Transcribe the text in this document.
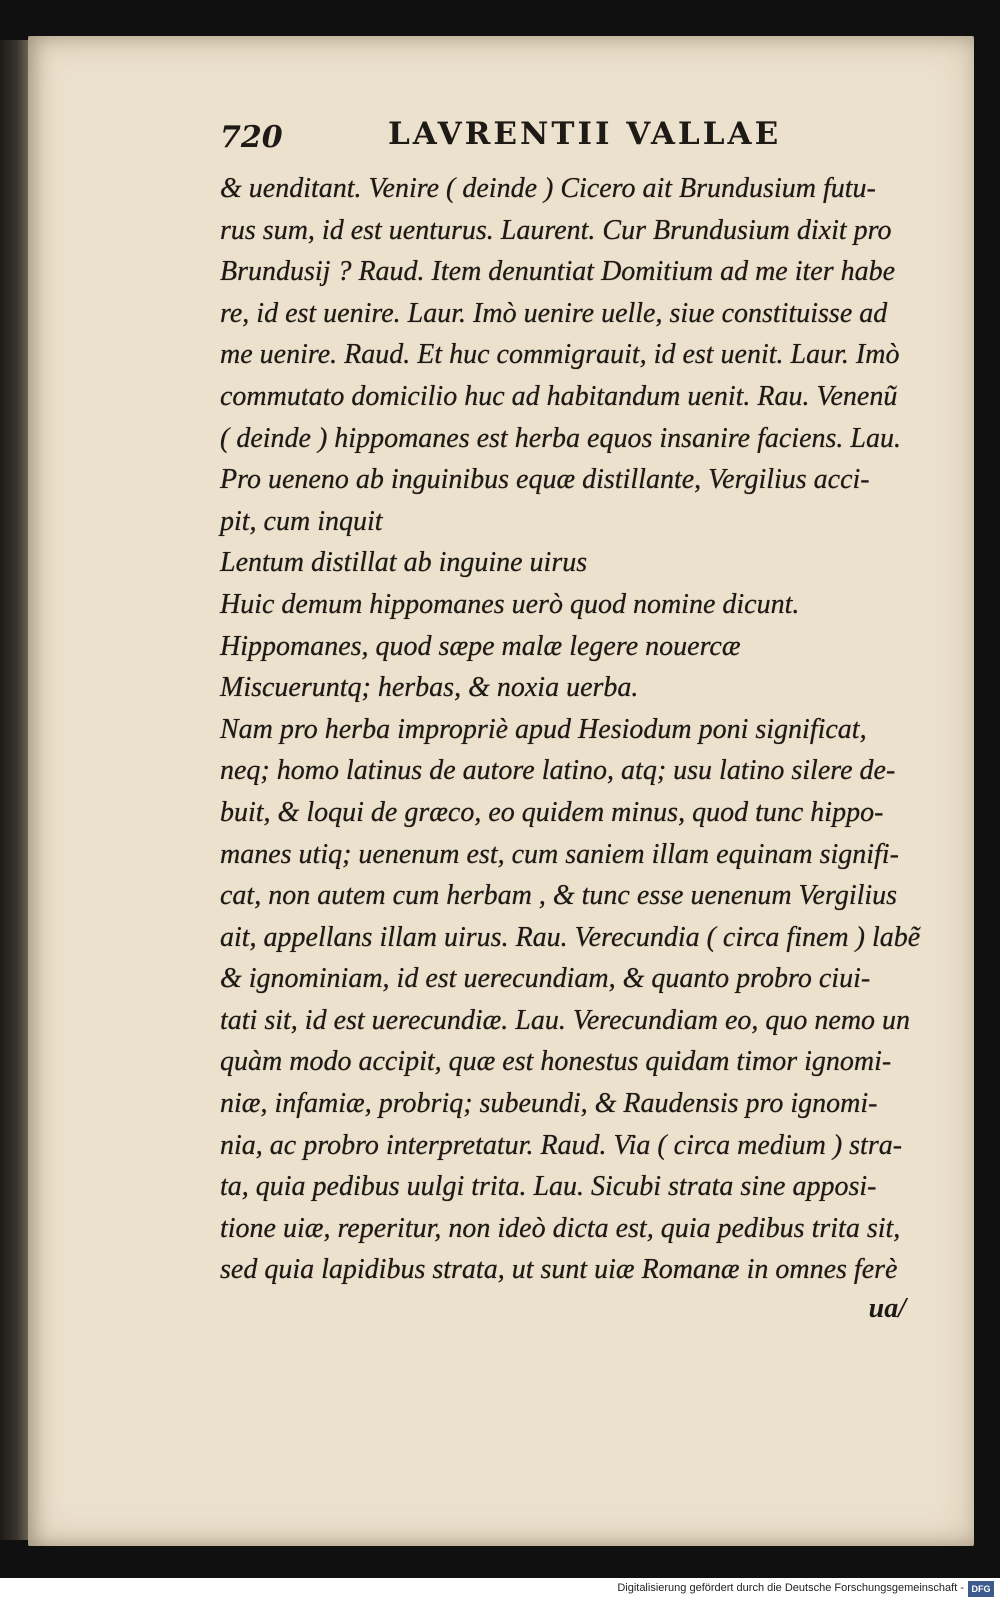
720	LAVRENTII VALLAE
& uenditant. Venire ( deinde ) Cicero ait Brundusium futu-
rus sum, id est uenturus. Laurent. Cur Brundusium dixit pro
Brundusij ? Raud. Item denuntiat Domitium ad me iter habe
re, id est uenire. Laur. Imò uenire uelle, siue constituisse ad
me uenire. Raud. Et huc commigrauit, id est uenit. Laur. Imò
commutato domicilio huc ad habitandum uenit. Rau. Venenũ
( deinde ) hippomanes est herba equos insanire faciens. Lau.
Pro ueneno ab inguinibus equæ distillante, Vergilius acci-
pit, cum inquit
Lentum distillat ab inguine uirus
Huic demum hippomanes uerò quod nomine dicunt.
Hippomanes, quod sæpe malæ legere nouercæ
Miscueruntq; herbas, & noxia uerba.
Nam pro herba impropriè apud Hesiodum poni significat,
neq; homo latinus de autore latino, atq; usu latino silere de-
buit, & loqui de græco, eo quidem minus, quod tunc hippo-
manes utiq; uenenum est, cum saniem illam equinam signifi-
cat, non autem cum herbam , & tunc esse uenenum Vergilius
ait, appellans illam uirus. Rau. Verecundia ( circa finem ) labẽ
& ignominiam, id est uerecundiam, & quanto probro ciui-
tati sit, id est uerecundiæ. Lau. Verecundiam eo, quo nemo un
quàm modo accipit, quæ est honestus quidam timor ignomi-
niæ, infamiæ, probriq; subeundi, & Raudensis pro ignomi-
nia, ac probro interpretatur. Raud. Via ( circa medium ) stra-
ta, quia pedibus uulgi trita. Lau. Sicubi strata sine apposi-
tione uiæ, reperitur, non ideò dicta est, quia pedibus trita sit,
sed quia lapidibus strata, ut sunt uiæ Romanæ in omnes ferè
ua/
Digitalisierung gefördert durch die Deutsche Forschungsgemeinschaft - DFG
